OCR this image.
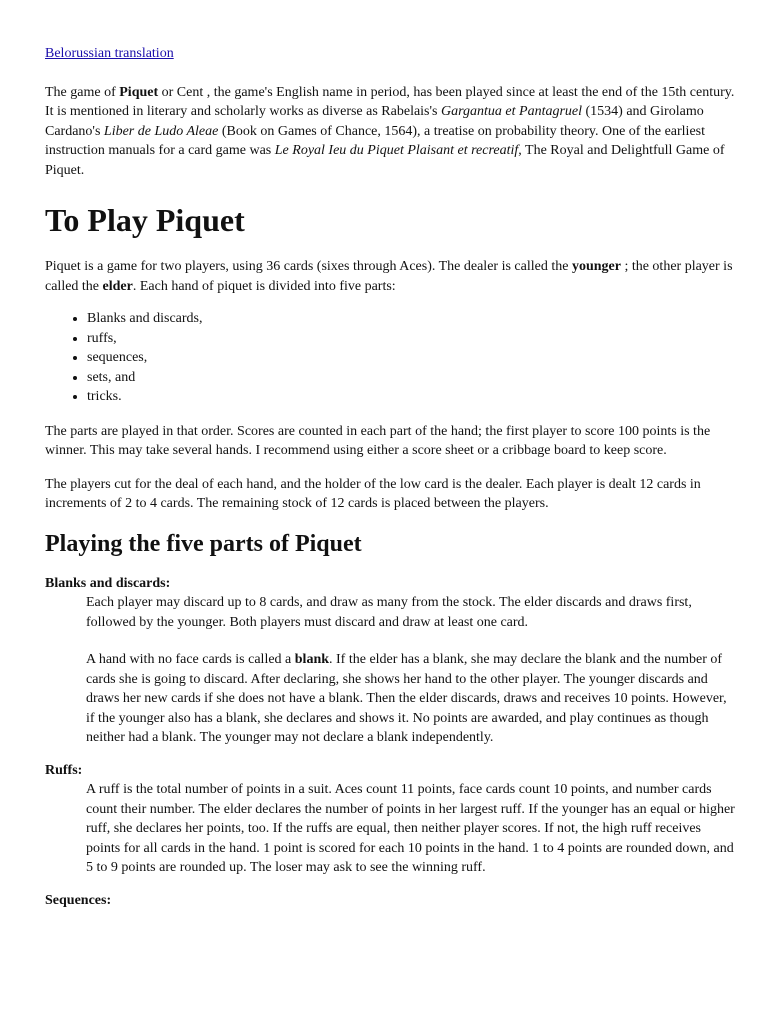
Belorussian translation

The game of Piquet or Cent , the game's English name in period, has been played since at least the end of the 15th century. It is mentioned in literary and scholarly works as diverse as Rabelais's Gargantua et Pantagruel (1534) and Girolamo Cardano's Liber de Ludo Aleae (Book on Games of Chance, 1564), a treatise on probability theory. One of the earliest instruction manuals for a card game was Le Royal Ieu du Piquet Plaisant et recreatif, The Royal and Delightfull Game of Piquet.

To Play Piquet

Piquet is a game for two players, using 36 cards (sixes through Aces). The dealer is called the younger ; the other player is called the elder. Each hand of piquet is divided into five parts:

• Blanks and discards,
• ruffs,
• sequences,
• sets, and
• tricks.

The parts are played in that order. Scores are counted in each part of the hand; the first player to score 100 points is the winner. This may take several hands. I recommend using either a score sheet or a cribbage board to keep score.

The players cut for the deal of each hand, and the holder of the low card is the dealer. Each player is dealt 12 cards in increments of 2 to 4 cards. The remaining stock of 12 cards is placed between the players.

Playing the five parts of Piquet
Blanks and discards:

Each player may discard up to 8 cards, and draw as many from the stock. The elder discards and draws first, followed by the younger. Both players must discard and draw at least one card.

A hand with no face cards is called a blank. If the elder has a blank, she may declare the blank and the number of cards she is going to discard. After declaring, she shows her hand to the other player. The younger discards and draws her new cards if she does not have a blank. Then the elder discards, draws and receives 10 points. However, if the younger also has a blank, she declares and shows it. No points are awarded, and play continues as though neither had a blank. The younger may not declare a blank independently.

Ruffs:

A ruff is the total number of points in a suit. Aces count 11 points, face cards count 10 points, and number cards count their number. The elder declares the number of points in her largest ruff. If the younger has an equal or higher ruff, she declares her points, too. If the ruffs are equal, then neither player scores. If not, the high ruff receives points for all cards in the hand. 1 point is scored for each 10 points in the hand. 1 to 4 points are rounded down, and 5 to 9 points are rounded up. The loser may ask to see the winning ruff.

Sequences:
